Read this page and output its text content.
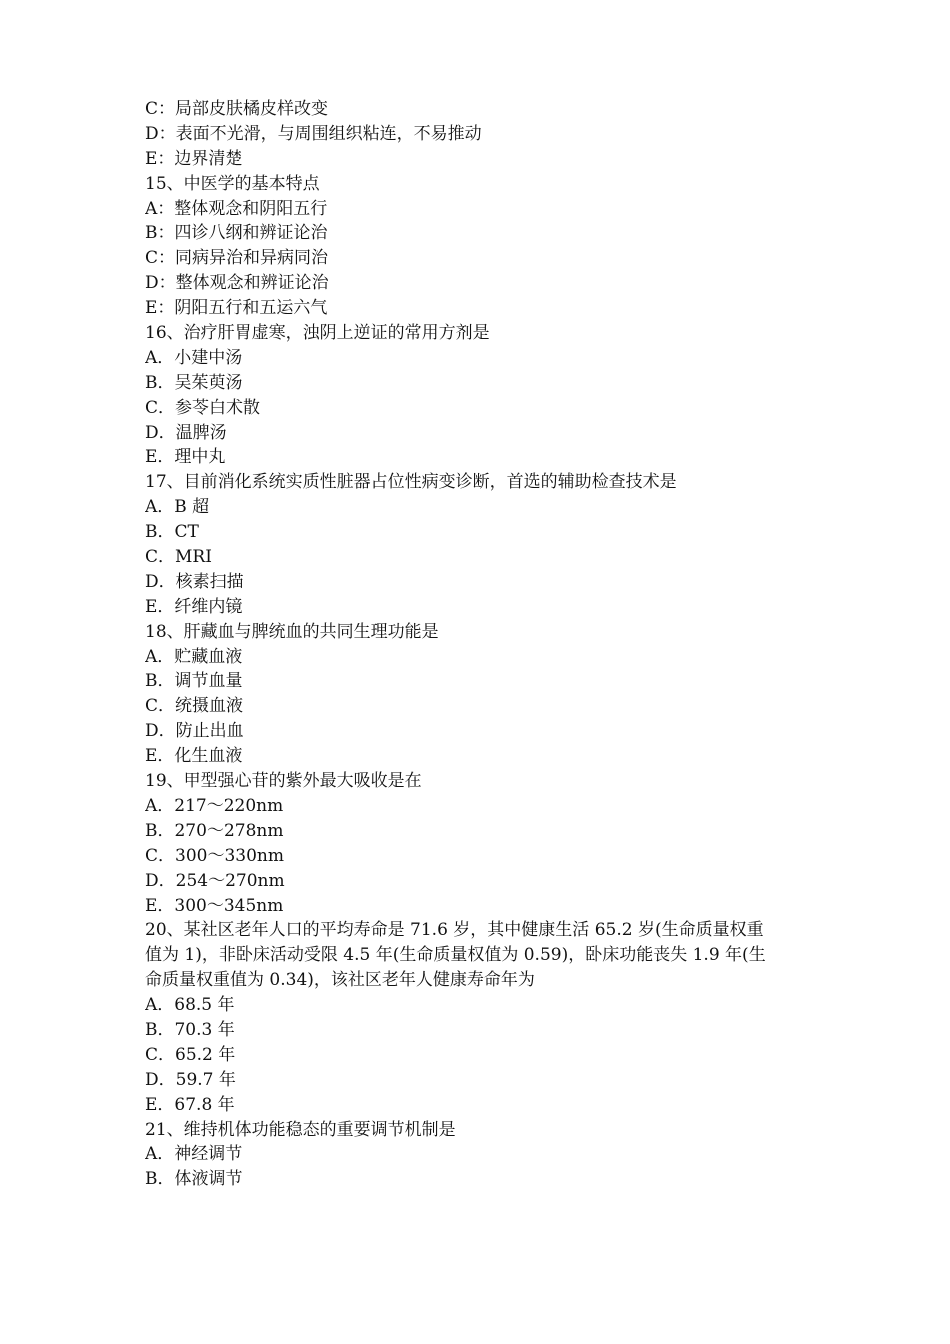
C：局部皮肤橘皮样改变
D：表面不光滑，与周围组织粘连，不易推动
E：边界清楚
15、中医学的基本特点
A：整体观念和阴阳五行
B：四诊八纲和辨证论治
C：同病异治和异病同治
D：整体观念和辨证论治
E：阴阳五行和五运六气
16、治疗肝胃虚寒，浊阴上逆证的常用方剂是
A．小建中汤
B．吴茱萸汤
C．参苓白术散
D．温脾汤
E．理中丸
17、目前消化系统实质性脏器占位性病变诊断，首选的辅助检查技术是
A．B 超
B．CT
C．MRI
D．核素扫描
E．纤维内镜
18、肝藏血与脾统血的共同生理功能是
A．贮藏血液
B．调节血量
C．统摄血液
D．防止出血
E．化生血液
19、甲型强心苷的紫外最大吸收是在
A．217～220nm
B．270～278nm
C．300～330nm
D．254～270nm
E．300～345nm
20、某社区老年人口的平均寿命是 71.6 岁，其中健康生活 65.2 岁(生命质量权重
值为 1)，非卧床活动受限 4.5 年(生命质量权值为 0.59)，卧床功能丧失 1.9 年(生
命质量权重值为 0.34)，该社区老年人健康寿命年为
A．68.5 年
B．70.3 年
C．65.2 年
D．59.7 年
E．67.8 年
21、维持机体功能稳态的重要调节机制是
A．神经调节
B．体液调节
